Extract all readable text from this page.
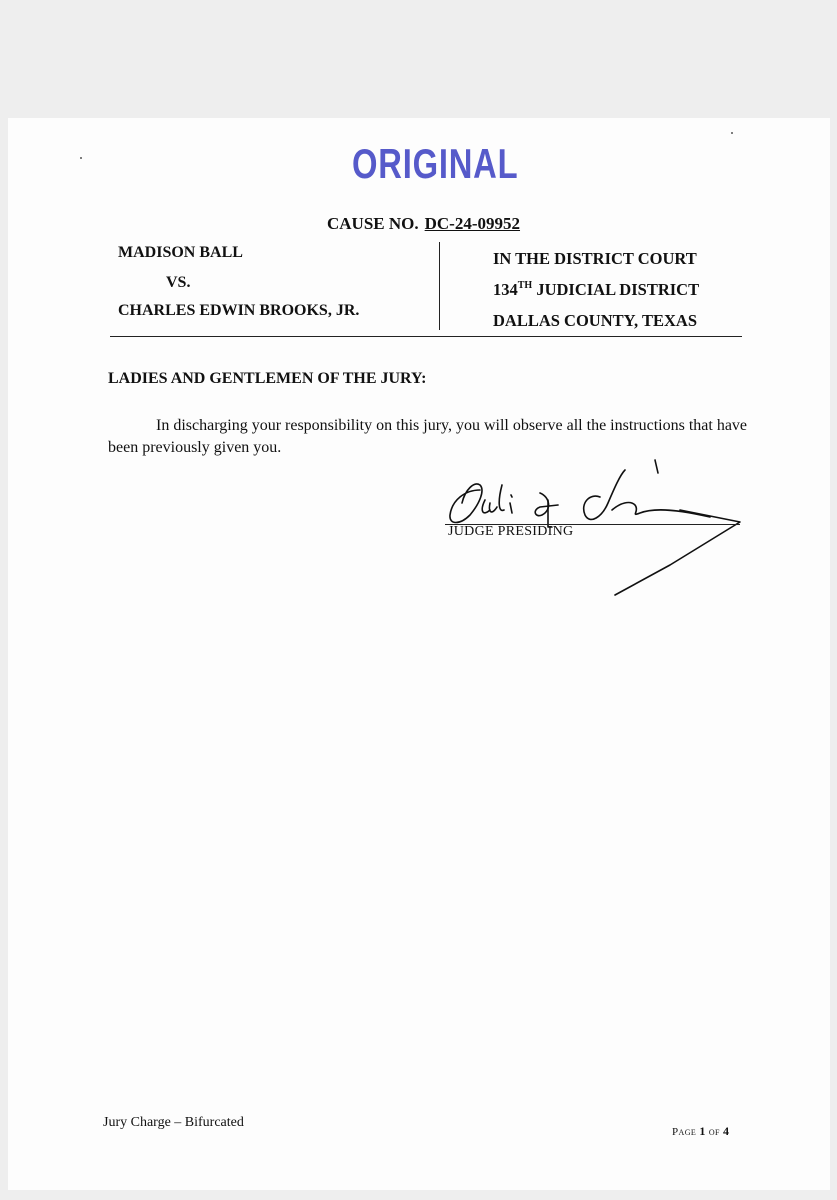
ORIGINAL
CAUSE NO. DC-24-09952
MADISON BALL
VS.
CHARLES EDWIN BROOKS, JR.
IN THE DISTRICT COURT
134TH JUDICIAL DISTRICT
DALLAS COUNTY, TEXAS
LADIES AND GENTLEMEN OF THE JURY:
In discharging your responsibility on this jury, you will observe all the instructions that have been previously given you.
JUDGE PRESIDING
Jury Charge – Bifurcated
Page 1 of 4
